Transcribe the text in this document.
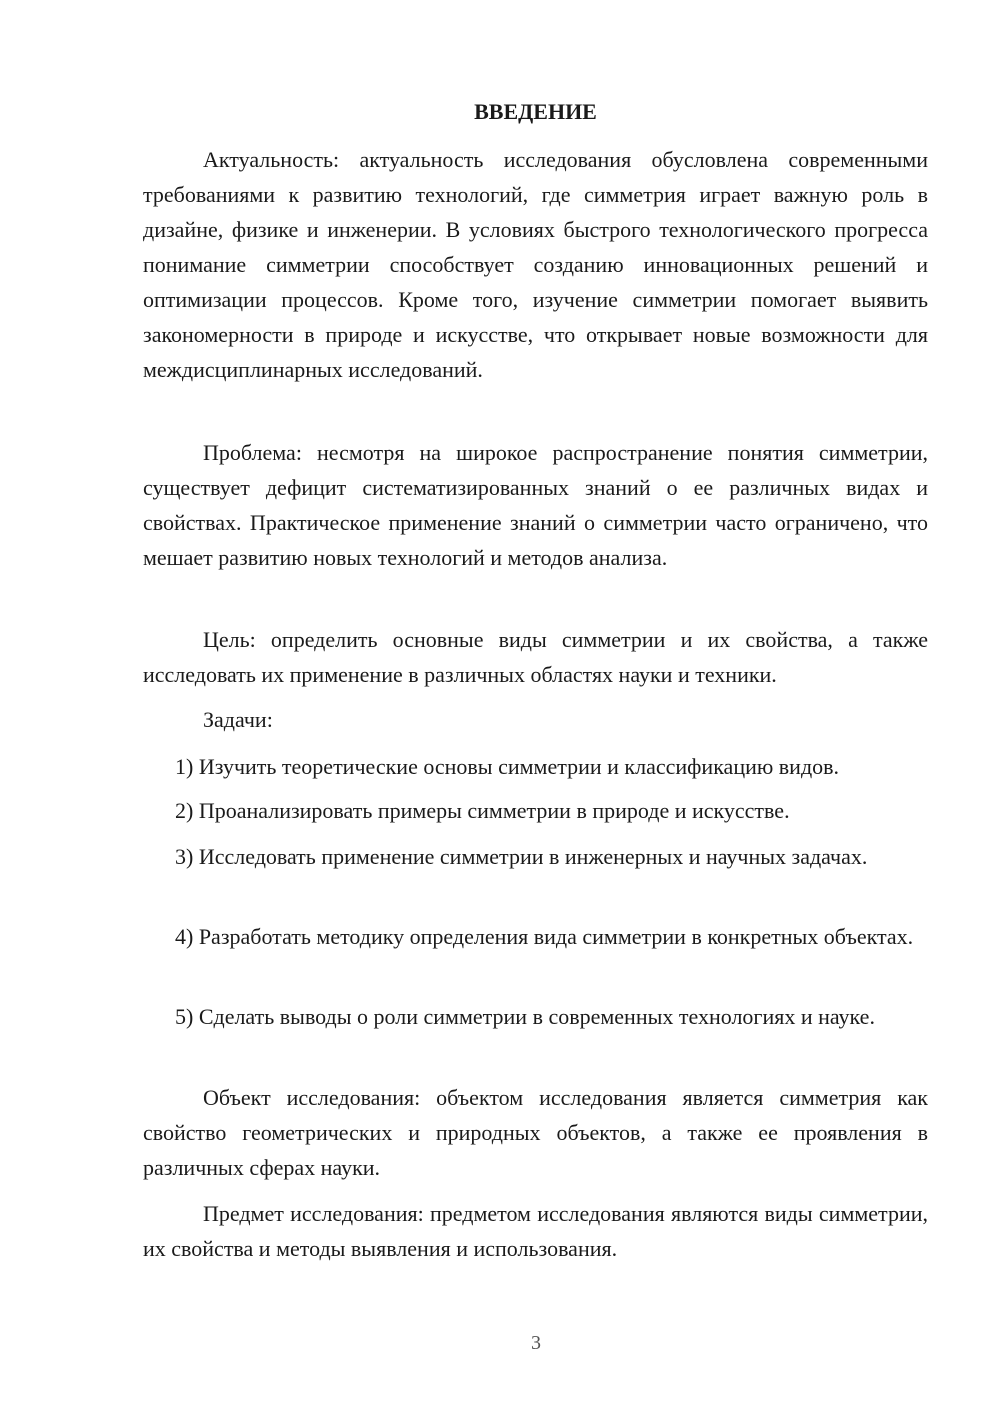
ВВЕДЕНИЕ

Актуальность: актуальность исследования обусловлена современными требованиями к развитию технологий, где симметрия играет важную роль в дизайне, физике и инженерии. В условиях быстрого технологического прогресса понимание симметрии способствует созданию инновационных решений и оптимизации процессов. Кроме того, изучение симметрии помогает выявить закономерности в природе и искусстве, что открывает новые возможности для междисциплинарных исследований.

Проблема: несмотря на широкое распространение понятия симметрии, существует дефицит систематизированных знаний о ее различных видах и свойствах. Практическое применение знаний о симметрии часто ограничено, что мешает развитию новых технологий и методов анализа.

Цель: определить основные виды симметрии и их свойства, а также исследовать их применение в различных областях науки и техники.

Задачи:

1) Изучить теоретические основы симметрии и классификацию видов.

2) Проанализировать примеры симметрии в природе и искусстве.

3) Исследовать применение симметрии в инженерных и научных задачах.

4) Разработать методику определения вида симметрии в конкретных объектах.

5) Сделать выводы о роли симметрии в современных технологиях и науке.

Объект исследования: объектом исследования является симметрия как свойство геометрических и природных объектов, а также ее проявления в различных сферах науки.

Предмет исследования: предметом исследования являются виды симметрии, их свойства и методы выявления и использования.

3
